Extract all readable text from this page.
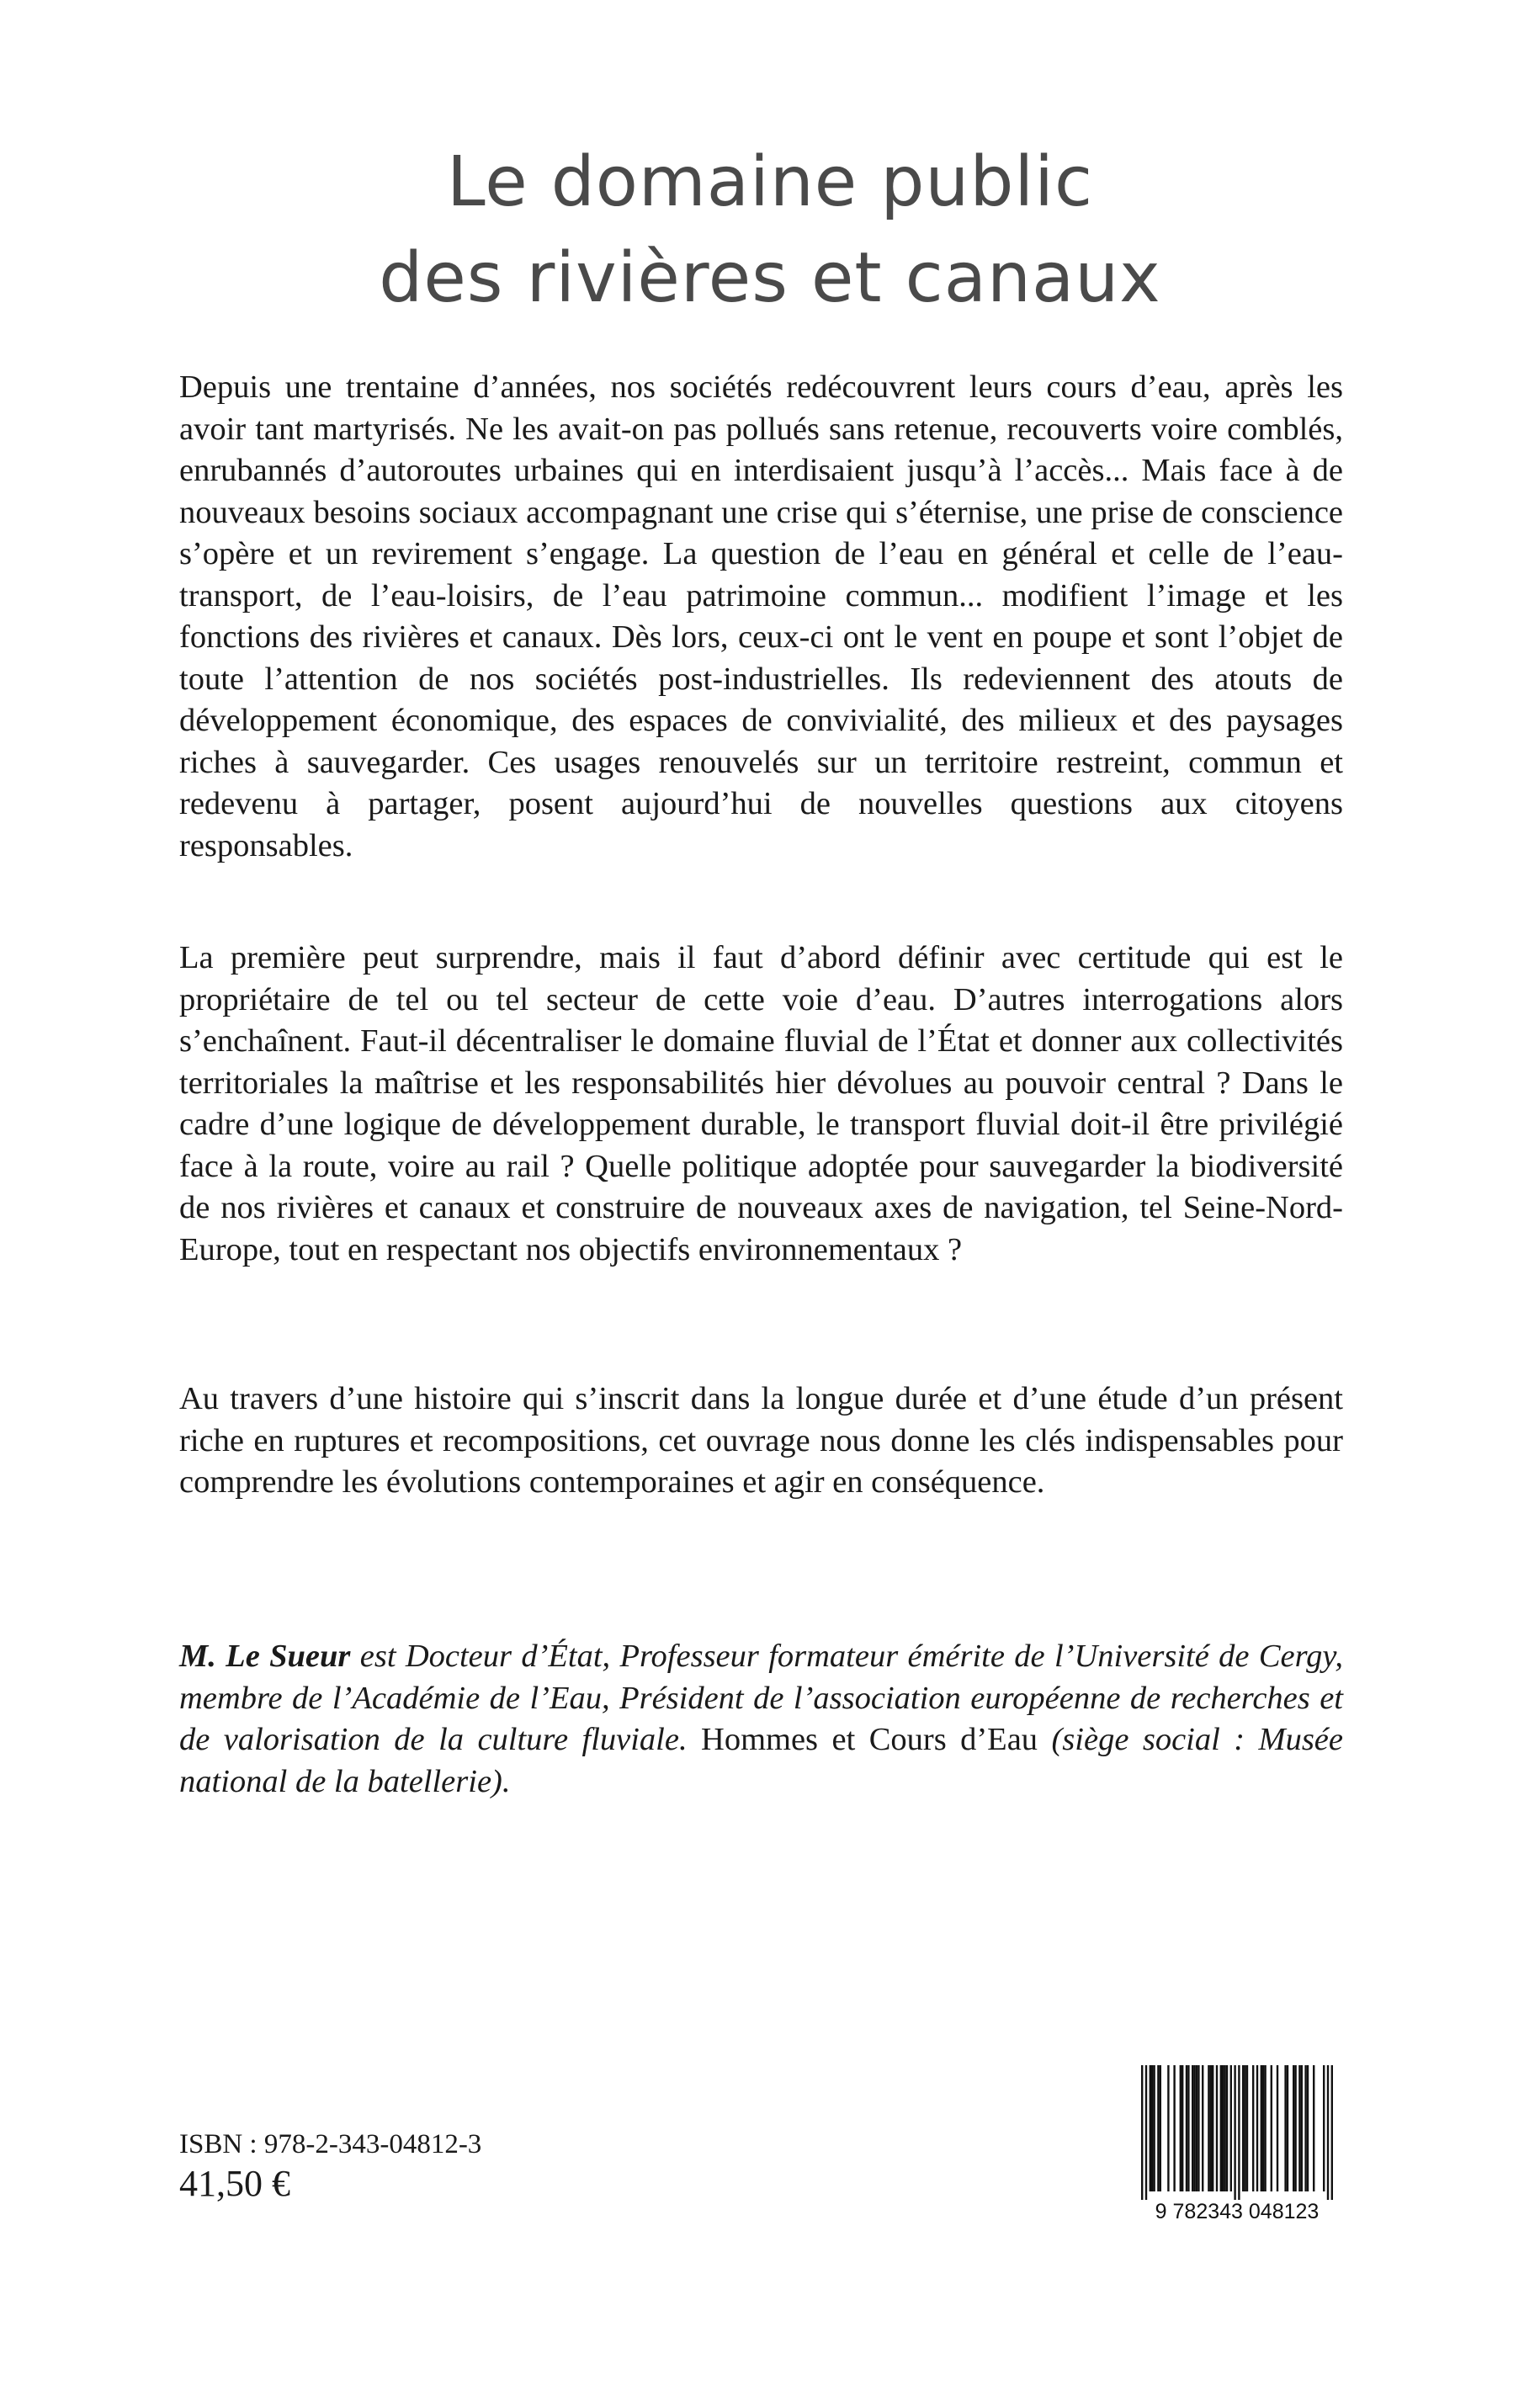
Le domaine public
des rivières et canaux

Depuis une trentaine d’années, nos sociétés redécouvrent leurs cours d’eau, après les avoir tant martyrisés. Ne les avait-on pas pollués sans retenue, recouverts voire comblés, enrubannés d’autoroutes urbaines qui en interdisaient jusqu’à l’accès... Mais face à de nouveaux besoins sociaux accompagnant une crise qui s’éternise, une prise de conscience s’opère et un revirement s’engage. La question de l’eau en général et celle de l’eau-transport, de l’eau-loisirs, de l’eau patrimoine commun... modifient l’image et les fonctions des rivières et canaux. Dès lors, ceux-ci ont le vent en poupe et sont l’objet de toute l’attention de nos sociétés post-industrielles. Ils redeviennent des atouts de développement économique, des espaces de convivialité, des milieux et des paysages riches à sauvegarder. Ces usages renouvelés sur un territoire restreint, commun et redevenu à partager, posent aujourd’hui de nouvelles questions aux citoyens responsables.

La première peut surprendre, mais il faut d’abord définir avec certitude qui est le propriétaire de tel ou tel secteur de cette voie d’eau. D’autres interrogations alors s’enchaînent. Faut-il décentraliser le domaine fluvial de l’État et donner aux collectivités territoriales la maîtrise et les responsabilités hier dévolues au pouvoir central ? Dans le cadre d’une logique de développement durable, le transport fluvial doit-il être privilégié face à la route, voire au rail ? Quelle politique adoptée pour sauvegarder la biodiversité de nos rivières et canaux et construire de nouveaux axes de navigation, tel Seine-Nord-Europe, tout en respectant nos objectifs environnementaux ?

Au travers d’une histoire qui s’inscrit dans la longue durée et d’une étude d’un présent riche en ruptures et recompositions, cet ouvrage nous donne les clés indispensables pour comprendre les évolutions contemporaines et agir en conséquence.

M. Le Sueur est Docteur d’État, Professeur formateur émérite de l’Université de Cergy, membre de l’Académie de l’Eau, Président de l’association européenne de recherches et de valorisation de la culture fluviale. Hommes et Cours d’Eau (siège social : Musée national de la batellerie).

ISBN : 978-2-343-04812-3
41,50 €
9 782343 048123
